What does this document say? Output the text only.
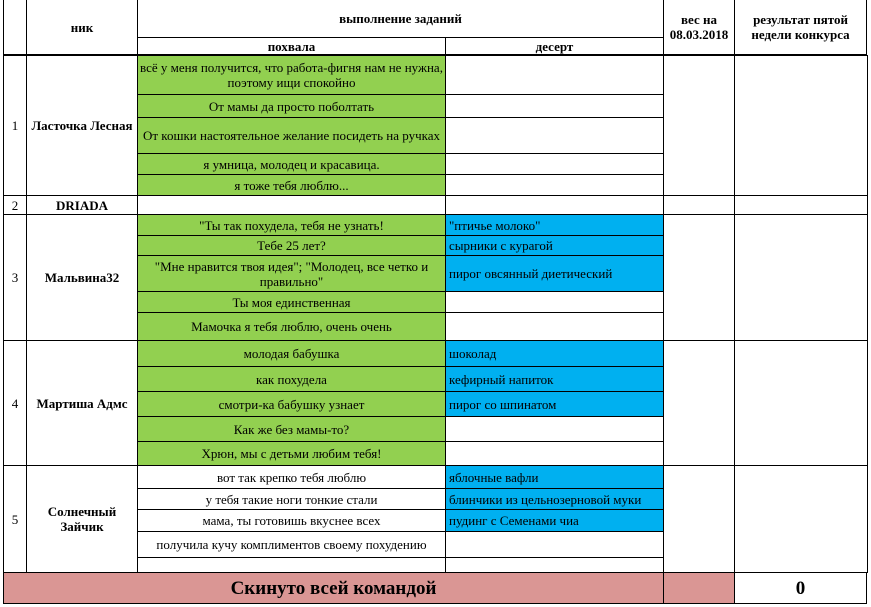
ник
выполнение заданий
похвала	десерт
вес на 08.03.2018
результат пятой недели конкурса
1	Ласточка Лесная
всё у меня получится, что работа-фигня нам не нужна, поэтому ищи спокойно
От мамы да просто поболтать
От кошки настоятельное желание посидеть на ручках
я умница, молодец и красавица.
я тоже тебя люблю...
2	DRIADA
3	Мальвина32
"Ты так похудела, тебя не узнать!	"птичье молоко"
Тебе 25 лет?	сырники с курагой
"Мне нравится твоя идея"; "Молодец, все четко и правильно"	пирог овсянный диетический
Ты моя единственная
Мамочка я тебя люблю, очень очень
4	Мартиша Адмс
молодая бабушка	шоколад
как похудела	кефирный напиток
смотри-ка бабушку узнает	пирог со шпинатом
Как же без мамы-то?
Хрюн, мы с детьми любим тебя!
5	Солнечный Зайчик
вот так крепко тебя люблю	яблочные вафли
у тебя такие ноги тонкие стали	блинчики из цельнозерновой муки
мама, ты готовишь вкуснее всех	пудинг с Семенами чиа
получила кучу комплиментов своему похудению
Скинуто всей командой	0
